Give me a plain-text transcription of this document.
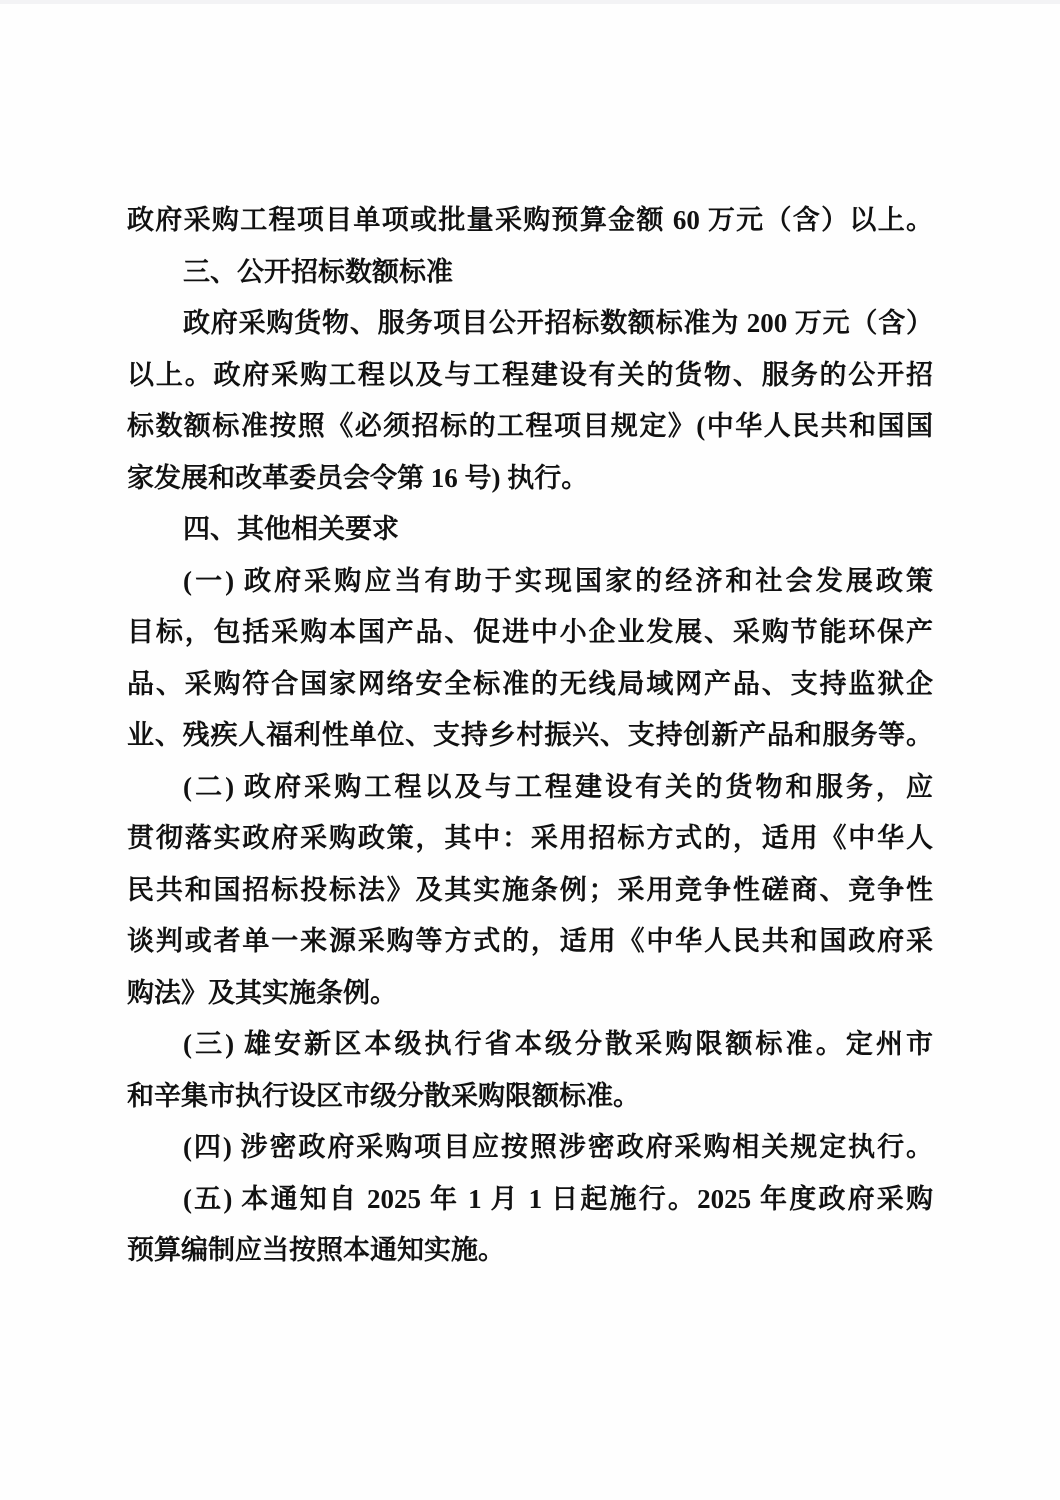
政府采购工程项目单项或批量采购预算金额 60 万元（含）以上。
三、公开招标数额标准
政府采购货物、服务项目公开招标数额标准为 200 万元（含）
以上。政府采购工程以及与工程建设有关的货物、服务的公开招
标数额标准按照《必须招标的工程项目规定》(中华人民共和国国
家发展和改革委员会令第 16 号) 执行。
四、其他相关要求
(一) 政府采购应当有助于实现国家的经济和社会发展政策
目标，包括采购本国产品、促进中小企业发展、采购节能环保产
品、采购符合国家网络安全标准的无线局域网产品、支持监狱企
业、残疾人福利性单位、支持乡村振兴、支持创新产品和服务等。
(二) 政府采购工程以及与工程建设有关的货物和服务，应
贯彻落实政府采购政策，其中：采用招标方式的，适用《中华人
民共和国招标投标法》及其实施条例；采用竞争性磋商、竞争性
谈判或者单一来源采购等方式的，适用《中华人民共和国政府采
购法》及其实施条例。
(三) 雄安新区本级执行省本级分散采购限额标准。定州市
和辛集市执行设区市级分散采购限额标准。
(四) 涉密政府采购项目应按照涉密政府采购相关规定执行。
(五) 本通知自 2025 年 1 月 1 日起施行。2025 年度政府采购
预算编制应当按照本通知实施。
